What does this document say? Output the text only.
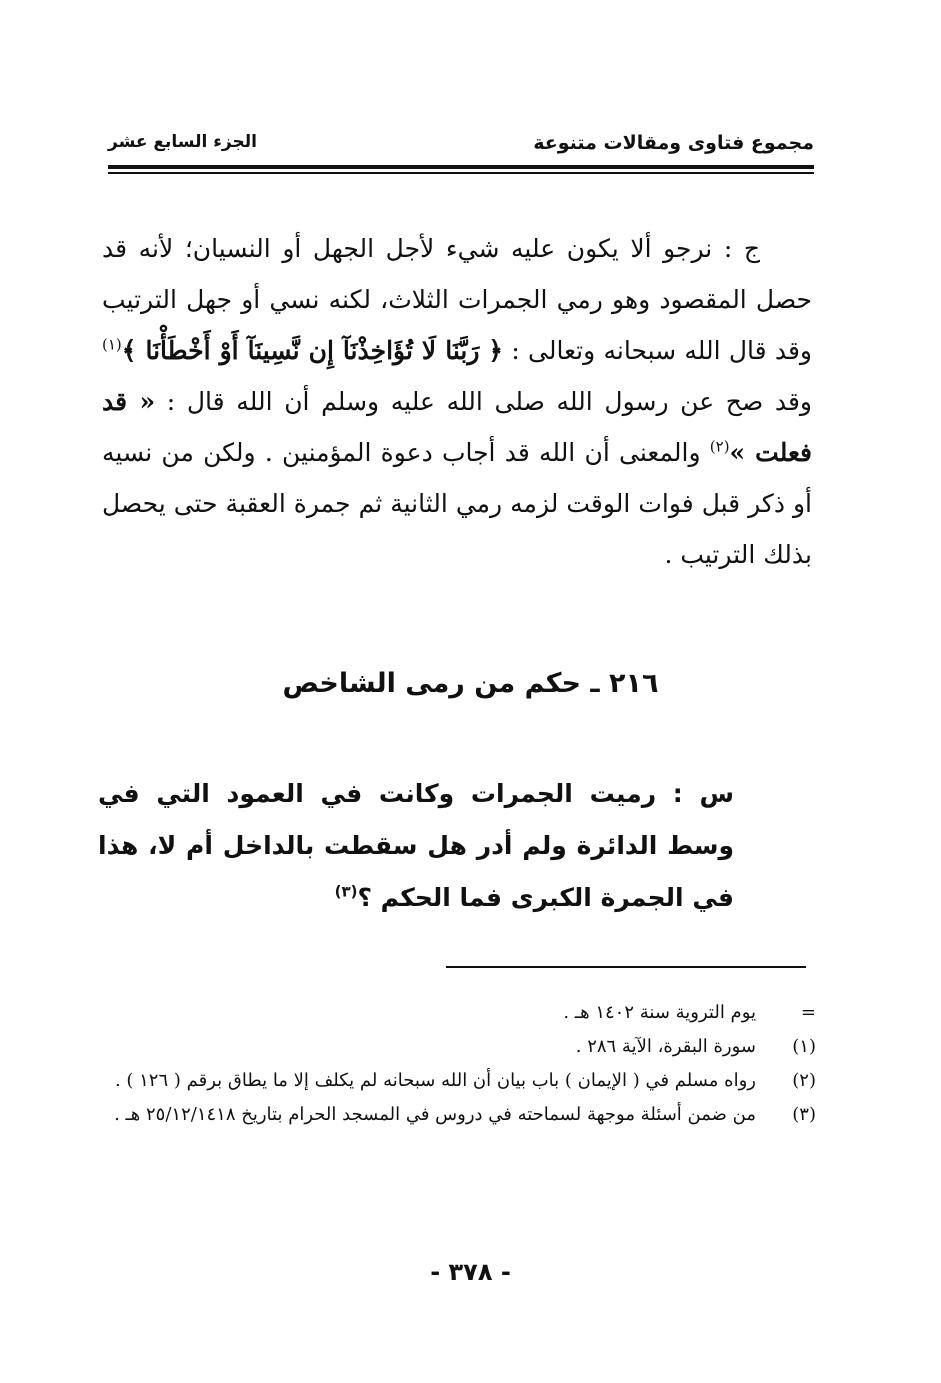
مجموع فتاوى ومقالات متنوعة
الجزء السابع عشر
ج : نرجو ألا يكون عليه شيء لأجل الجهل أو النسيان؛ لأنه قد حصل المقصود وهو رمي الجمرات الثلاث، لكنه نسي أو جهل الترتيب وقد قال الله سبحانه وتعالى : ﴿ رَبَّنَا لَا تُؤَاخِذْنَآ إِن نَّسِينَآ أَوْ أَخْطَأْنَا ﴾$^{(١)}$ وقد صح عن رسول الله صلى الله عليه وسلم أن الله قال : « قد فعلت »$^{(٢)}$ والمعنى أن الله قد أجاب دعوة المؤمنين . ولكن من نسيه أو ذكر قبل فوات الوقت لزمه رمي الثانية ثم جمرة العقبة حتى يحصل بذلك الترتيب .
٢١٦ ـ حكم من رمى الشاخص
س : رميت الجمرات وكانت في العمود التي في وسط الدائرة ولم أدر هل سقطت بالداخل أم لا، هذا في الجمرة الكبرى فما الحكم ؟$^{(٣)}$
=
يوم التروية سنة ١٤٠٢ هـ .
(١)
سورة البقرة، الآية ٢٨٦ .
(٢)
رواه مسلم في ( الإيمان ) باب بيان أن الله سبحانه لم يكلف إلا ما يطاق برقم ( ١٢٦ ) .
(٣)
من ضمن أسئلة موجهة لسماحته في دروس في المسجد الحرام بتاريخ ٢٥/١٢/١٤١٨ هـ .
- ٣٧٨ -
